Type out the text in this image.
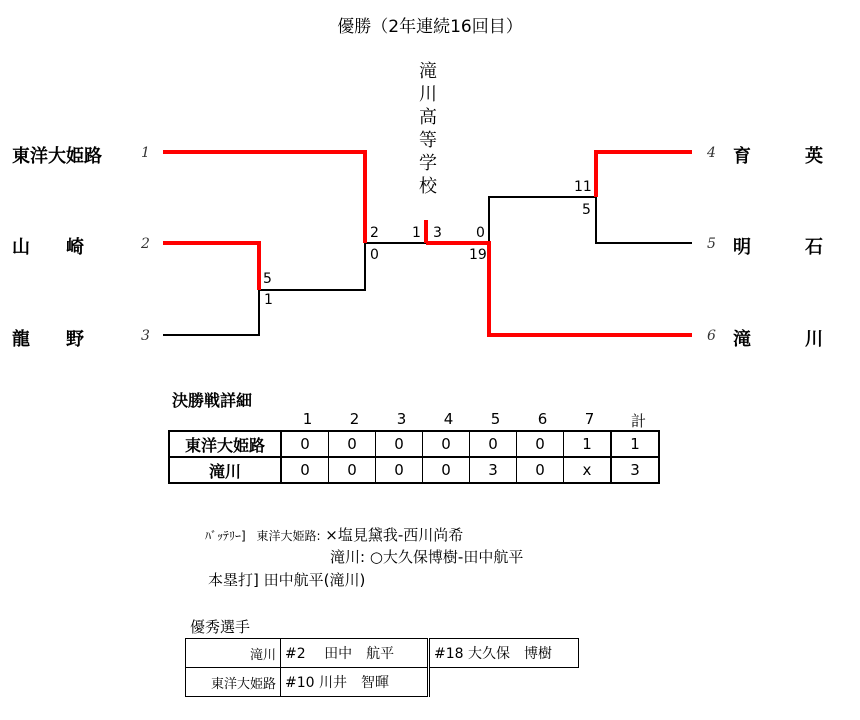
優勝（2年連続16回目）
滝
川
高
等
学
校
東洋大姫路	1
山　　崎	2
龍　　野	3
4 育　　　英
5 明　　　石
6 滝　　　川
5
1
2
0
1 3 0
19
11
5
決勝戦詳細
1	2	3	4	5	6	7	計
東洋大姫路	0	0	0	0	0	0	1	1
滝川	0	0	0	0	3	0	x	3
ﾊﾞｯﾃﾘｰ] 東洋大姫路: ×塩見黛我‐西川尚希
滝川: ○大久保博樹‐田中航平
本塁打] 田中航平(滝川)
優秀選手
滝川	#2　 田中　航平	#18 大久保　博樹
東洋大姫路	#10 川井　智暉	
